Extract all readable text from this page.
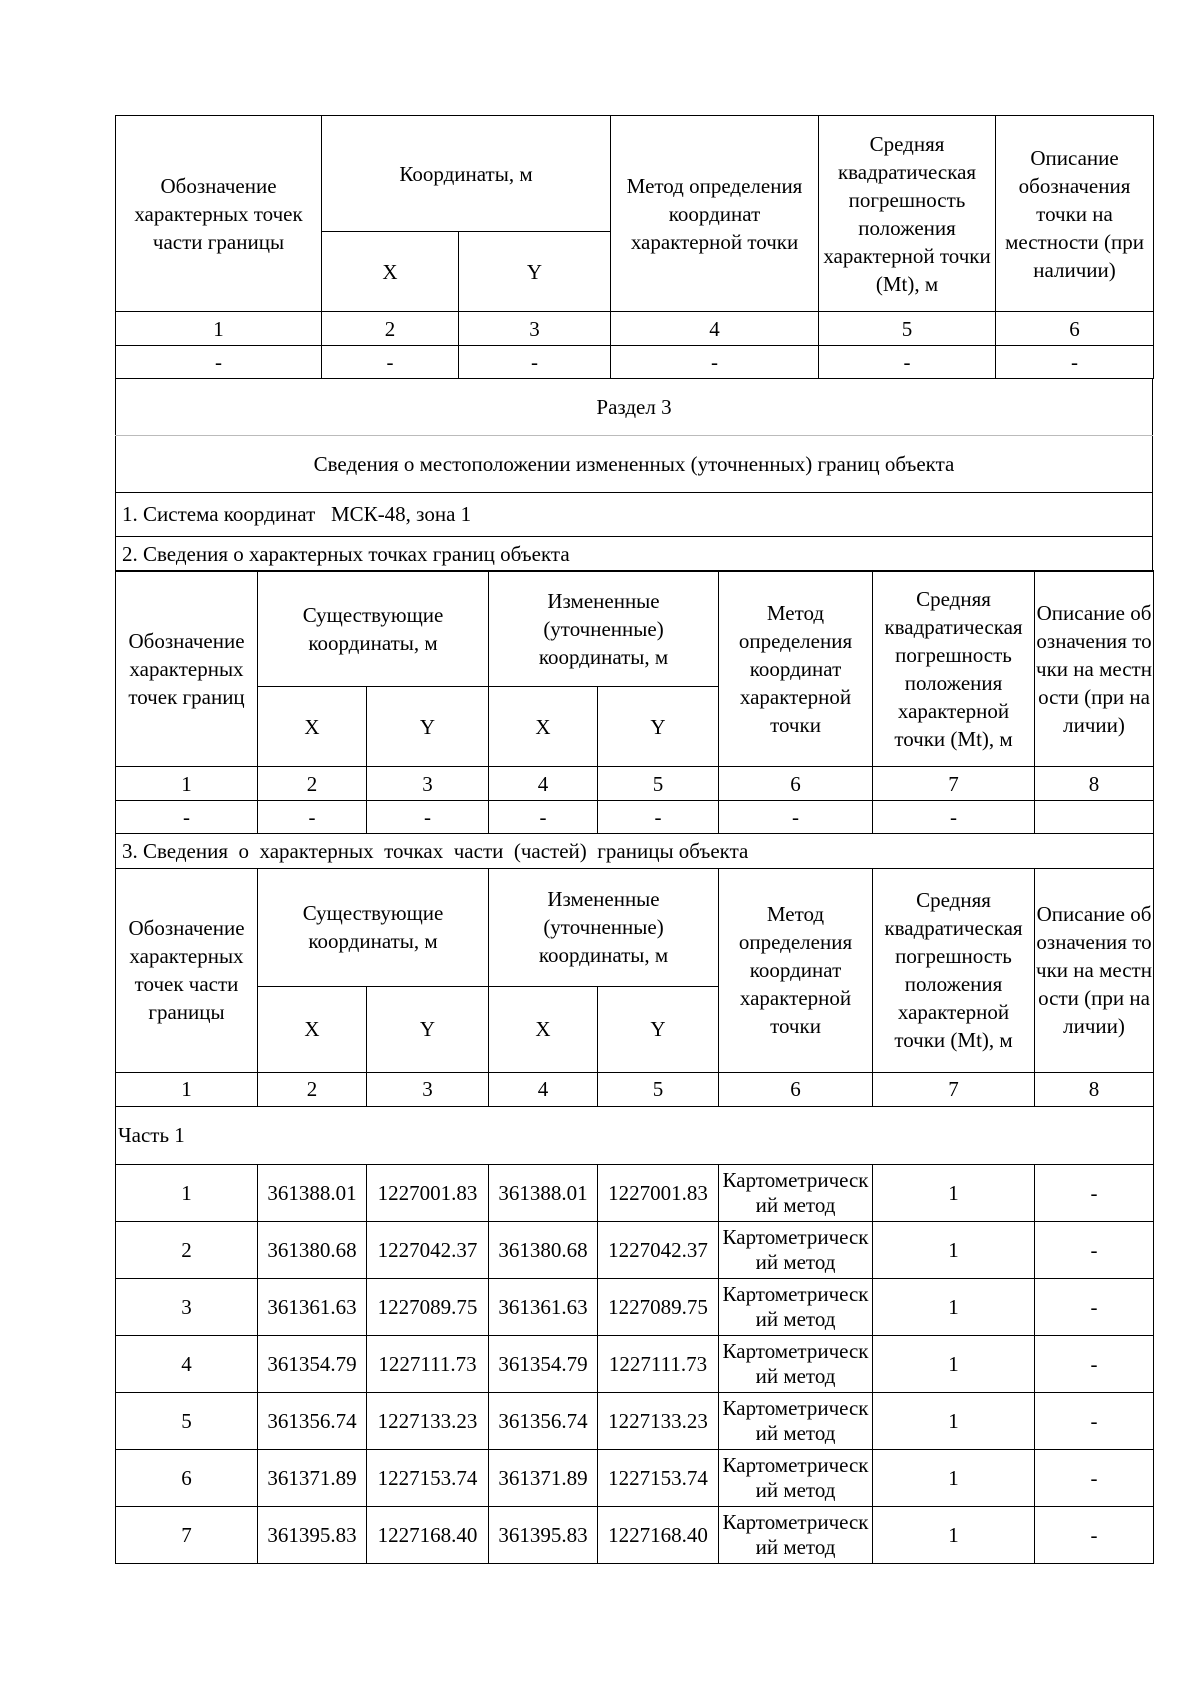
Обозначение характерных точек части границы	Координаты, м		Метод определения координат характерной точки	Средняя квадратическая погрешность положения характерной точки (Mt), м	Описание обозначения точки на местности (при наличии)
	X	Y			
1	2	3	4	5	6
-	-	-	-	-	-
Раздел 3
Сведения о местоположении измененных (уточненных) границ объекта
1. Система координат   МСК-48, зона 1
2. Сведения о характерных точках границ объекта
Обозначение характерных точек границ	Существующие координаты, м		Измененные (уточненные) координаты, м		Метод определения координат характерной точки	Средняя квадратическая погрешность положения характерной точки (Mt), м	Описание обозначения точки на местности (при наличии)
	X	Y	X	Y			
1	2	3	4	5	6	7	8
-	-	-	-	-	-	-	
3. Сведения  о  характерных  точках  части  (частей)  границы объекта							
Обозначение характерных точек части границы	Существующие координаты, м		Измененные (уточненные) координаты, м		Метод определения координат характерной точки	Средняя квадратическая погрешность положения характерной точки (Mt), м	Описание обозначения точки на местности (при наличии)
	X	Y	X	Y			
1	2	3	4	5	6	7	8
Часть 1							
1	361388.01	1227001.83	361388.01	1227001.83	Картометрический метод	1	-
2	361380.68	1227042.37	361380.68	1227042.37	Картометрический метод	1	-
3	361361.63	1227089.75	361361.63	1227089.75	Картометрический метод	1	-
4	361354.79	1227111.73	361354.79	1227111.73	Картометрический метод	1	-
5	361356.74	1227133.23	361356.74	1227133.23	Картометрический метод	1	-
6	361371.89	1227153.74	361371.89	1227153.74	Картометрический метод	1	-
7	361395.83	1227168.40	361395.83	1227168.40	Картометрический метод	1	-
